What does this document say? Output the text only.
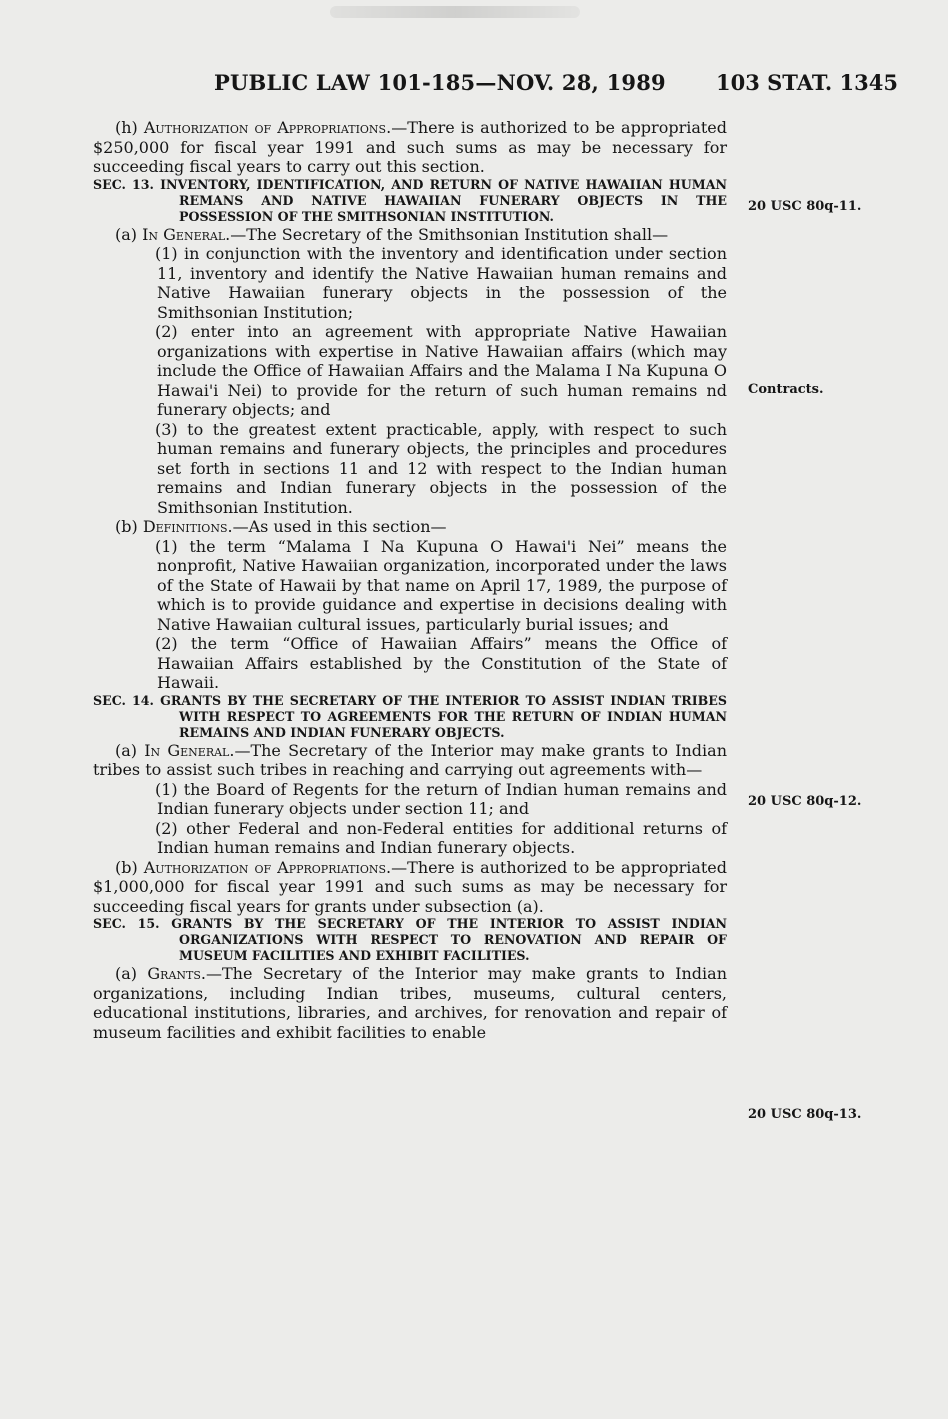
PUBLIC LAW 101-185—NOV. 28, 1989 103 STAT. 1345

(h) Authorization of Appropriations.—There is authorized to be appropriated $250,000 for fiscal year 1991 and such sums as may be necessary for succeeding fiscal years to carry out this section.

SEC. 13. INVENTORY, IDENTIFICATION, AND RETURN OF NATIVE HAWAIIAN HUMAN REMANS AND NATIVE HAWAIIAN FUNERARY OBJECTS IN THE POSSESSION OF THE SMITHSONIAN INSTITUTION.

(a) In General.—The Secretary of the Smithsonian Institution shall—

(1) in conjunction with the inventory and identification under section 11, inventory and identify the Native Hawaiian human remains and Native Hawaiian funerary objects in the possession of the Smithsonian Institution;

(2) enter into an agreement with appropriate Native Hawaiian organizations with expertise in Native Hawaiian affairs (which may include the Office of Hawaiian Affairs and the Malama I Na Kupuna O Hawai'i Nei) to provide for the return of such human remains nd funerary objects; and

(3) to the greatest extent practicable, apply, with respect to such human remains and funerary objects, the principles and procedures set forth in sections 11 and 12 with respect to the Indian human remains and Indian funerary objects in the possession of the Smithsonian Institution.

(b) Definitions.—As used in this section—

(1) the term “Malama I Na Kupuna O Hawai'i Nei” means the nonprofit, Native Hawaiian organization, incorporated under the laws of the State of Hawaii by that name on April 17, 1989, the purpose of which is to provide guidance and expertise in decisions dealing with Native Hawaiian cultural issues, particularly burial issues; and

(2) the term “Office of Hawaiian Affairs” means the Office of Hawaiian Affairs established by the Constitution of the State of Hawaii.

SEC. 14. GRANTS BY THE SECRETARY OF THE INTERIOR TO ASSIST INDIAN TRIBES WITH RESPECT TO AGREEMENTS FOR THE RETURN OF INDIAN HUMAN REMAINS AND INDIAN FUNERARY OBJECTS.

(a) In General.—The Secretary of the Interior may make grants to Indian tribes to assist such tribes in reaching and carrying out agreements with—

(1) the Board of Regents for the return of Indian human remains and Indian funerary objects under section 11; and

(2) other Federal and non-Federal entities for additional returns of Indian human remains and Indian funerary objects.

(b) Authorization of Appropriations.—There is authorized to be appropriated $1,000,000 for fiscal year 1991 and such sums as may be necessary for succeeding fiscal years for grants under subsection (a).

SEC. 15. GRANTS BY THE SECRETARY OF THE INTERIOR TO ASSIST INDIAN ORGANIZATIONS WITH RESPECT TO RENOVATION AND REPAIR OF MUSEUM FACILITIES AND EXHIBIT FACILITIES.

(a) Grants.—The Secretary of the Interior may make grants to Indian organizations, including Indian tribes, museums, cultural centers, educational institutions, libraries, and archives, for renovation and repair of museum facilities and exhibit facilities to enable

20 USC 80q-11.
Contracts.
20 USC 80q-12.
20 USC 80q-13.
